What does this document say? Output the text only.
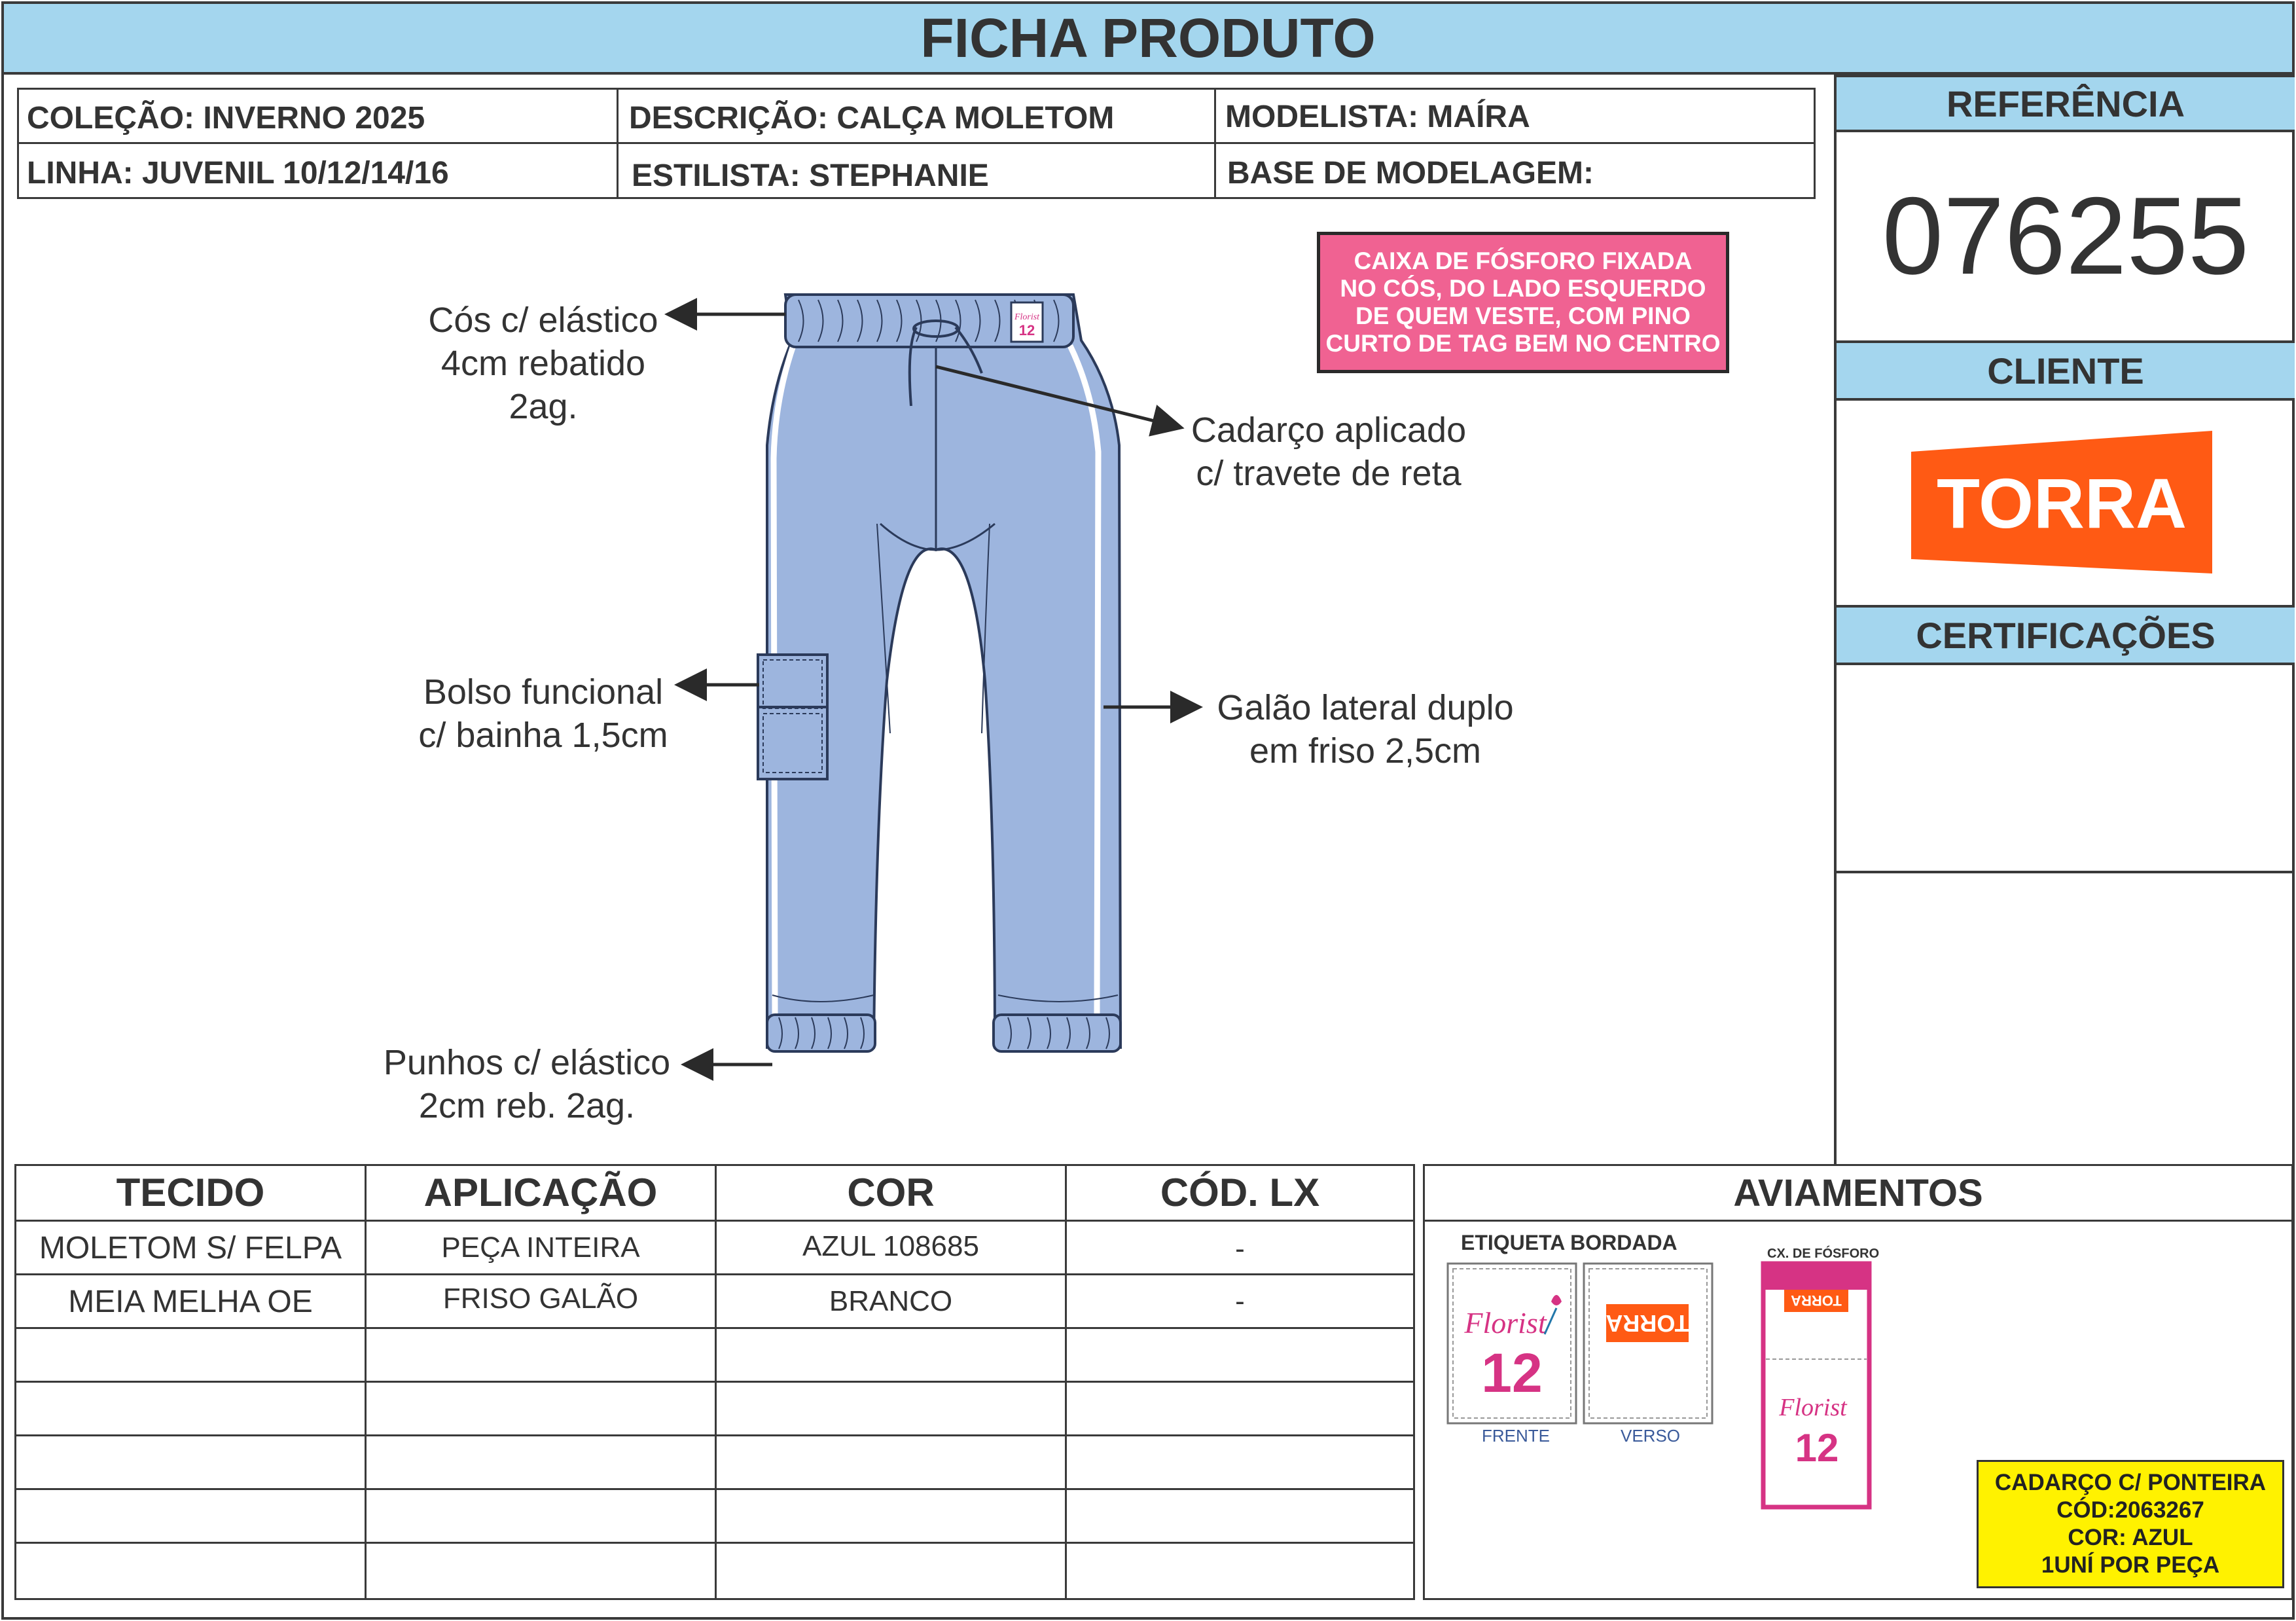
FICHA PRODUTO
COLEÇÃO: INVERNO 2025	DESCRIÇÃO: CALÇA MOLETOM	MODELISTA: MAÍRA
LINHA: JUVENIL 10/12/14/16	ESTILISTA: STEPHANIE	BASE DE MODELAGEM:
REFERÊNCIA
076255
CLIENTE
TORRA
CERTIFICAÇÕES
Florist
12
Cós c/ elástico
4cm rebatido
2ag.
Cadarço aplicado
c/ travete de reta
Bolso funcional
c/ bainha 1,5cm
Galão lateral duplo
em friso 2,5cm
Punhos c/ elástico
2cm reb. 2ag.
CAIXA DE FÓSFORO FIXADA
NO CÓS, DO LADO ESQUERDO
DE QUEM VESTE, COM PINO
CURTO DE TAG BEM NO CENTRO
TECIDO	APLICAÇÃO	COR	CÓD. LX
MOLETOM S/ FELPA	PEÇA INTEIRA	AZUL 108685	-
MEIA MELHA OE	FRISO GALÃO	BRANCO	-
AVIAMENTOS
ETIQUETA BORDADA
Florist
12
FRENTE
TORRA
VERSO
CX. DE FÓSFORO
TORRA
Florist
12
CADARÇO C/ PONTEIRA
CÓD:2063267
COR: AZUL
1UNÍ POR PEÇA
